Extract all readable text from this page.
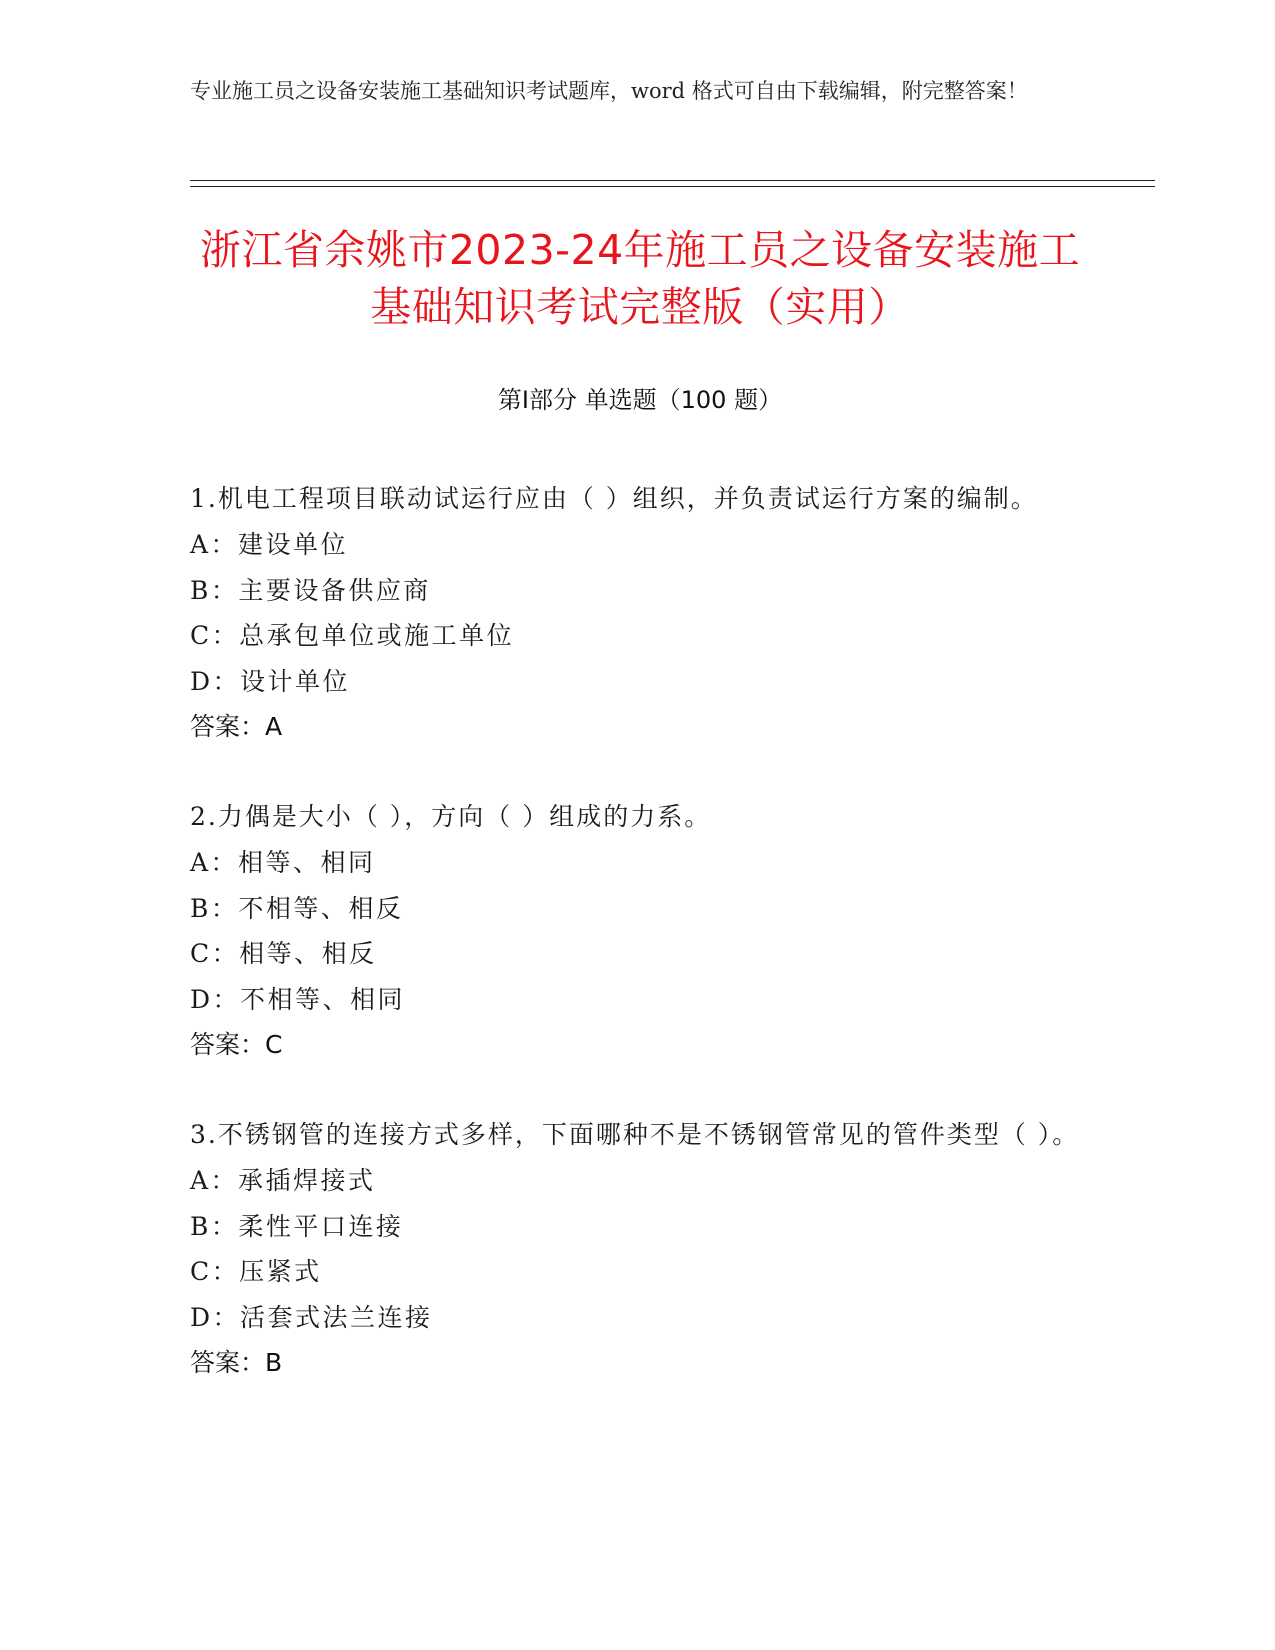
专业施工员之设备安装施工基础知识考试题库，word 格式可自由下载编辑，附完整答案！
浙江省余姚市2023-24年施工员之设备安装施工基础知识考试完整版（实用）
第Ⅰ部分 单选题（100 题）
1.机电工程项目联动试运行应由（ ）组织，并负责试运行方案的编制。
A：建设单位
B：主要设备供应商
C：总承包单位或施工单位
D：设计单位
答案：A
2.力偶是大小（ ），方向（ ）组成的力系。
A：相等、相同
B：不相等、相反
C：相等、相反
D：不相等、相同
答案：C
3.不锈钢管的连接方式多样，下面哪种不是不锈钢管常见的管件类型（ ）。
A：承插焊接式
B：柔性平口连接
C：压紧式
D：活套式法兰连接
答案：B
